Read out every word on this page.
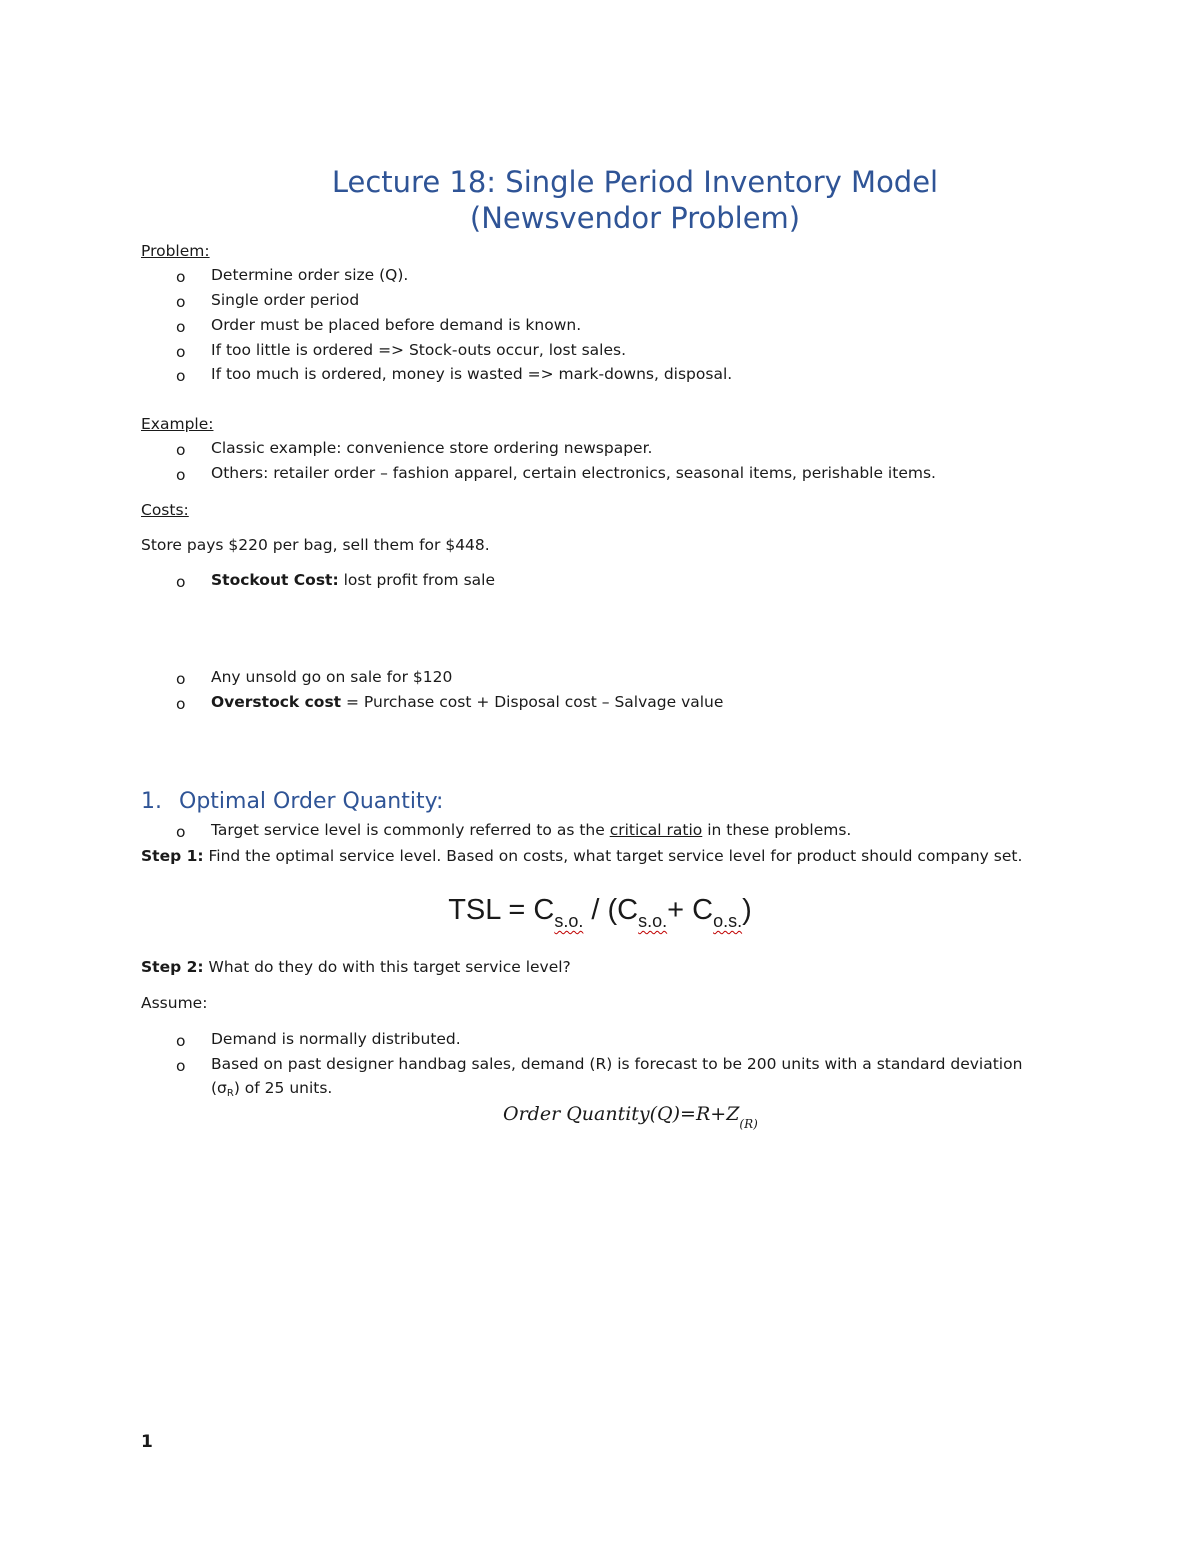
Lecture 18: Single Period Inventory Model
(Newsvendor Problem)
Problem:
o Determine order size (Q).
o Single order period
o Order must be placed before demand is known.
o If too little is ordered => Stock-outs occur, lost sales.
o If too much is ordered, money is wasted => mark-downs, disposal.
Example:
o Classic example: convenience store ordering newspaper.
o Others: retailer order – fashion apparel, certain electronics, seasonal items, perishable items.
Costs:
Store pays $220 per bag, sell them for $448.
o Stockout Cost: lost profit from sale
o Any unsold go on sale for $120
o Overstock cost = Purchase cost + Disposal cost – Salvage value
1. Optimal Order Quantity:
o Target service level is commonly referred to as the critical ratio in these problems.
Step 1: Find the optimal service level. Based on costs, what target service level for product should company set.
TSL = $C_{s.o.} / (C_{s.o.}+ C_{o.s.})$
Step 2: What do they do with this target service level?
Assume:
o Demand is normally distributed.
o Based on past designer handbag sales, demand (R) is forecast to be 200 units with a standard deviation (σR) of 25 units.
Order $Quantity(Q)=R+Z_{(R)}$
1
